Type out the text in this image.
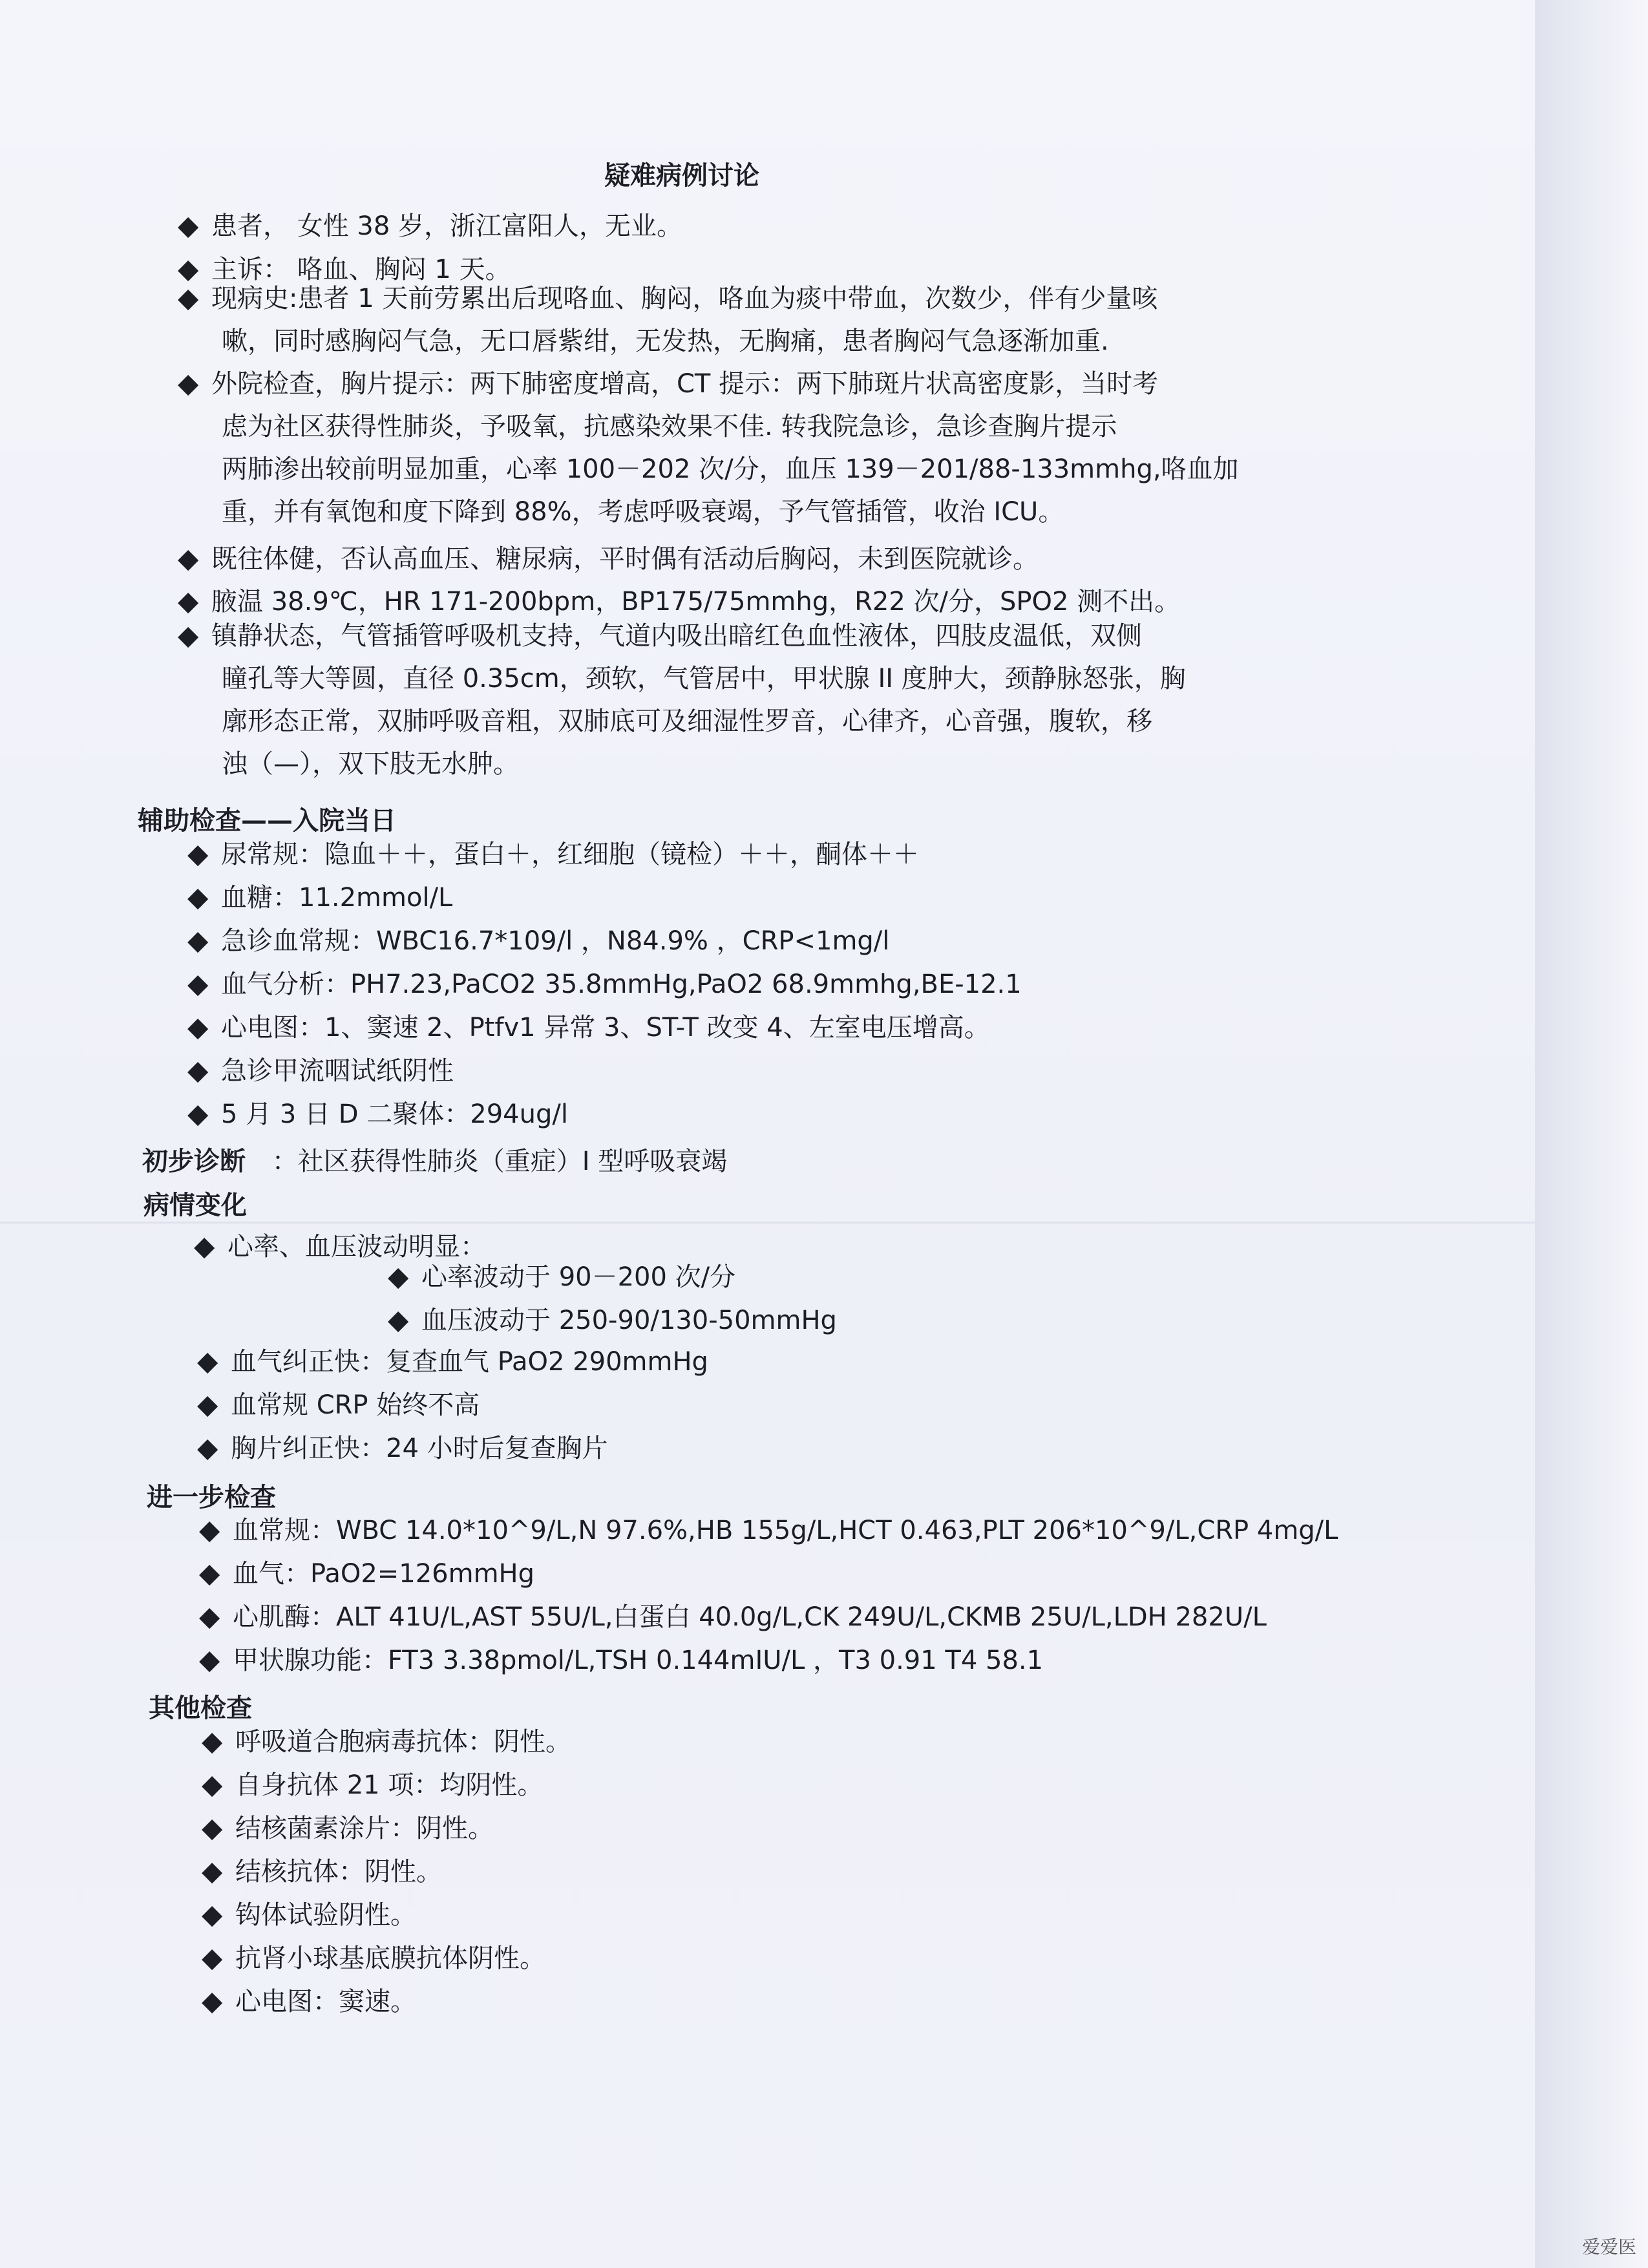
疑难病例讨论
◆ 患者， 女性 38 岁，浙江富阳人，无业。
◆ 主诉： 咯血、胸闷 1 天。
◆ 现病史:患者 1 天前劳累出后现咯血、胸闷，咯血为痰中带血，次数少，伴有少量咳
嗽，同时感胸闷气急，无口唇紫绀，无发热，无胸痛，患者胸闷气急逐渐加重.
◆ 外院检查，胸片提示：两下肺密度增高，CT 提示：两下肺斑片状高密度影，当时考
虑为社区获得性肺炎，予吸氧，抗感染效果不佳. 转我院急诊，急诊查胸片提示
两肺渗出较前明显加重，心率 100－202 次/分，血压 139－201/88-133mmhg,咯血加
重，并有氧饱和度下降到 88%，考虑呼吸衰竭，予气管插管，收治 ICU。
◆ 既往体健，否认高血压、糖尿病，平时偶有活动后胸闷，未到医院就诊。
◆ 腋温 38.9℃，HR 171-200bpm，BP175/75mmhg，R22 次/分，SPO2 测不出。
◆ 镇静状态，气管插管呼吸机支持，气道内吸出暗红色血性液体，四肢皮温低，双侧
瞳孔等大等圆，直径 0.35cm，颈软，气管居中，甲状腺 II 度肿大，颈静脉怒张，胸
廓形态正常，双肺呼吸音粗，双肺底可及细湿性罗音，心律齐，心音强，腹软，移
浊（—），双下肢无水肿。
辅助检查——入院当日
◆ 尿常规：隐血＋＋，蛋白＋，红细胞（镜检）＋＋，酮体＋＋
◆ 血糖：11.2mmol/L
◆ 急诊血常规：WBC16.7*109/l ，N84.9% ，CRP<1mg/l
◆ 血气分析：PH7.23,PaCO2 35.8mmHg,PaO2 68.9mmhg,BE-12.1
◆ 心电图：1、窦速 2、Ptfv1 异常 3、ST-T 改变 4、左室电压增高。
◆ 急诊甲流咽试纸阴性
◆ 5 月 3 日 D 二聚体：294ug/l
初步诊断 ：社区获得性肺炎（重症）I 型呼吸衰竭
病情变化
◆ 心率、血压波动明显：
◆ 心率波动于 90－200 次/分
◆ 血压波动于 250-90/130-50mmHg
◆ 血气纠正快：复查血气 PaO2 290mmHg
◆ 血常规 CRP 始终不高
◆ 胸片纠正快：24 小时后复查胸片
进一步检查
◆ 血常规：WBC 14.0*10^9/L,N 97.6%,HB 155g/L,HCT 0.463,PLT 206*10^9/L,CRP 4mg/L
◆ 血气：PaO2=126mmHg
◆ 心肌酶：ALT 41U/L,AST 55U/L,白蛋白 40.0g/L,CK 249U/L,CKMB 25U/L,LDH 282U/L
◆ 甲状腺功能：FT3 3.38pmol/L,TSH 0.144mIU/L ，T3 0.91 T4 58.1
其他检查
◆ 呼吸道合胞病毒抗体：阴性。
◆ 自身抗体 21 项：均阴性。
◆ 结核菌素涂片：阴性。
◆ 结核抗体：阴性。
◆ 钩体试验阴性。
◆ 抗肾小球基底膜抗体阴性。
◆ 心电图：窦速。
爱爱医
